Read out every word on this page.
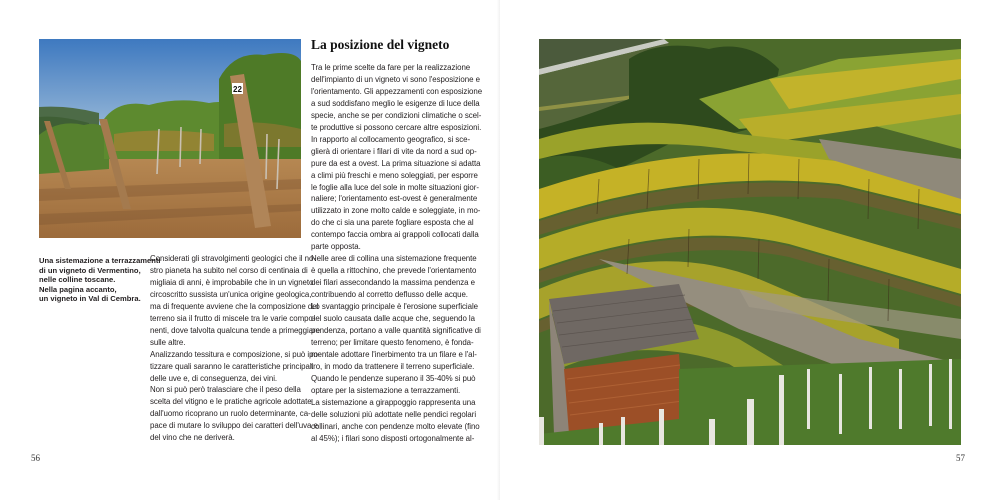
22
Una sistemazione a terrazzamenti
di un vigneto di Vermentino,
nelle colline toscane.
Nella pagina accanto,
un vigneto in Val di Cembra.
Considerati gli stravolgimenti geologici che il no-
stro pianeta ha subito nel corso di centinaia di
migliaia di anni, è improbabile che in un vigneto
circoscritto sussista un'unica origine geologica,
ma di frequente avviene che la composizione del
terreno sia il frutto di miscele tra le varie compo-
nenti, dove talvolta qualcuna tende a primeggiare
sulle altre.
Analizzando tessitura e composizione, si può ipo-
tizzare quali saranno le caratteristiche principali
delle uve e, di conseguenza, dei vini.
Non si può però tralasciare che il peso della
scelta del vitigno e le pratiche agricole adottate
dall'uomo ricoprano un ruolo determinante, ca-
pace di mutare lo sviluppo dei caratteri dell'uva e
del vino che ne deriverà.
La posizione del vigneto
Tra le prime scelte da fare per la realizzazione
dell'impianto di un vigneto vi sono l'esposizione e
l'orientamento. Gli appezzamenti con esposizione
a sud soddisfano meglio le esigenze di luce della
specie, anche se per condizioni climatiche o scel-
te produttive si possono cercare altre esposizioni.
In rapporto al collocamento geografico, si sce-
glierà di orientare i filari di vite da nord a sud op-
pure da est a ovest. La prima situazione si adatta
a climi più freschi e meno soleggiati, per esporre
le foglie alla luce del sole in molte situazioni gior-
naliere; l'orientamento est-ovest è generalmente
utilizzato in zone molto calde e soleggiate, in mo-
do che ci sia una parete fogliare esposta che al
contempo faccia ombra ai grappoli collocati dalla
parte opposta.
Nelle aree di collina una sistemazione frequente
è quella a rittochino, che prevede l'orientamento
dei filari assecondando la massima pendenza e
contribuendo al corretto deflusso delle acque.
Lo svantaggio principale è l'erosione superficiale
del suolo causata dalle acque che, seguendo la
pendenza, portano a valle quantità significative di
terreno; per limitare questo fenomeno, è fonda-
mentale adottare l'inerbimento tra un filare e l'al-
tro, in modo da trattenere il terreno superficiale.
Quando le pendenze superano il 35-40% si può
optare per la sistemazione a terrazzamenti.
La sistemazione a girappoggio rappresenta una
delle soluzioni più adottate nelle pendici regolari
collinari, anche con pendenze molto elevate (fino
al 45%); i filari sono disposti ortogonalmente al-
56	57
